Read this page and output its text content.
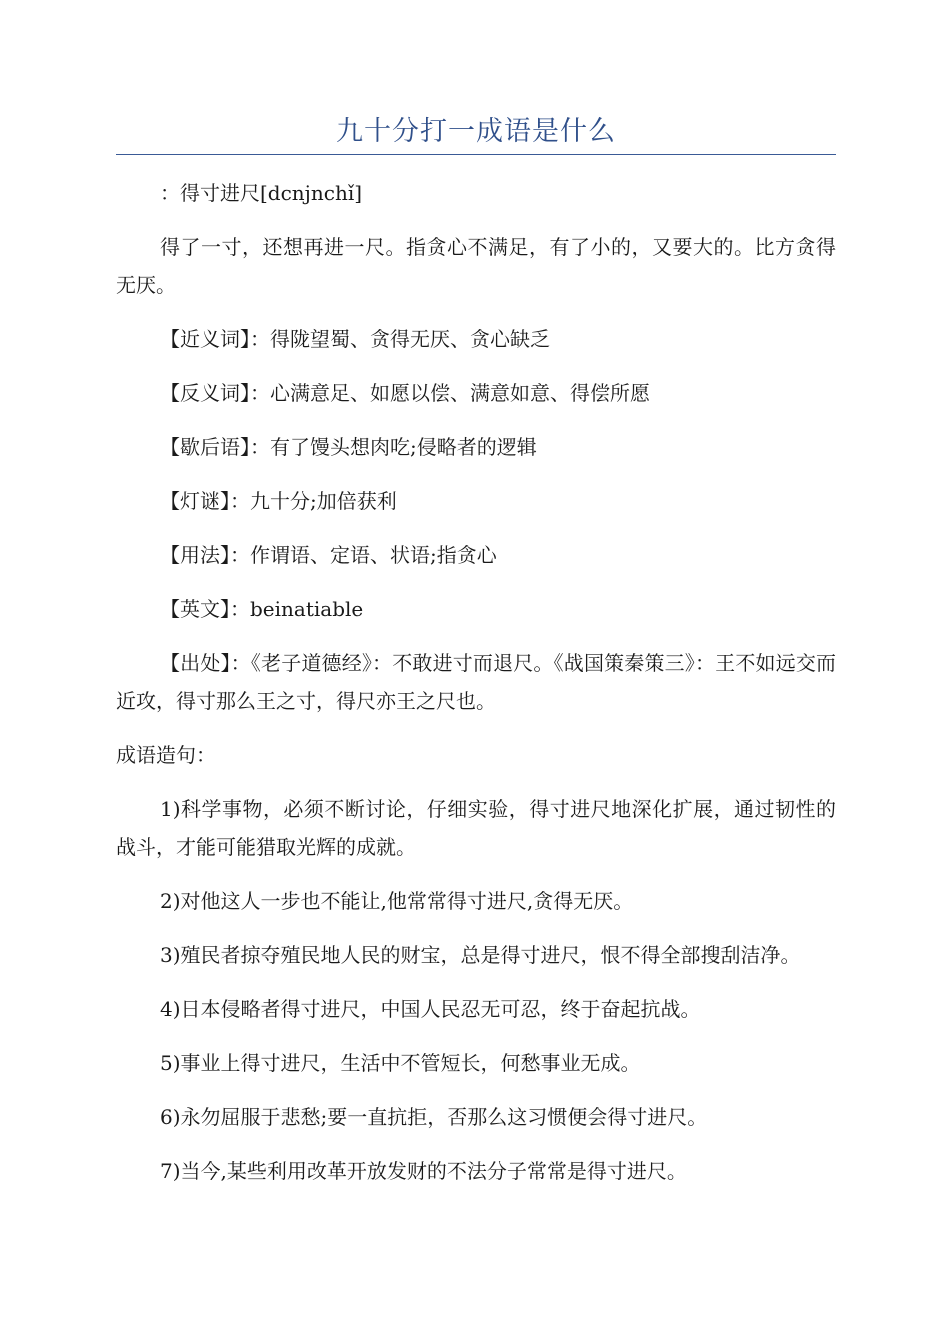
九十分打一成语是什么

：得寸进尺[dcnjnchǐ]

得了一寸，还想再进一尺。指贪心不满足，有了小的，又要大的。比方贪得无厌。

【近义词】：得陇望蜀、贪得无厌、贪心缺乏

【反义词】：心满意足、如愿以偿、满意如意、得偿所愿

【歇后语】：有了馒头想肉吃;侵略者的逻辑

【灯谜】：九十分;加倍获利

【用法】：作谓语、定语、状语;指贪心

【英文】：beinatiable

【出处】：《老子道德经》：不敢进寸而退尺。《战国策秦策三》：王不如远交而近攻，得寸那么王之寸，得尺亦王之尺也。

成语造句：

1)科学事物，必须不断讨论，仔细实验，得寸进尺地深化扩展，通过韧性的战斗，才能可能猎取光辉的成就。

2)对他这人一步也不能让,他常常得寸进尺,贪得无厌。

3)殖民者掠夺殖民地人民的财宝，总是得寸进尺，恨不得全部搜刮洁净。

4)日本侵略者得寸进尺，中国人民忍无可忍，终于奋起抗战。

5)事业上得寸进尺，生活中不管短长，何愁事业无成。

6)永勿屈服于悲愁;要一直抗拒，否那么这习惯便会得寸进尺。

7)当今,某些利用改革开放发财的不法分子常常是得寸进尺。
